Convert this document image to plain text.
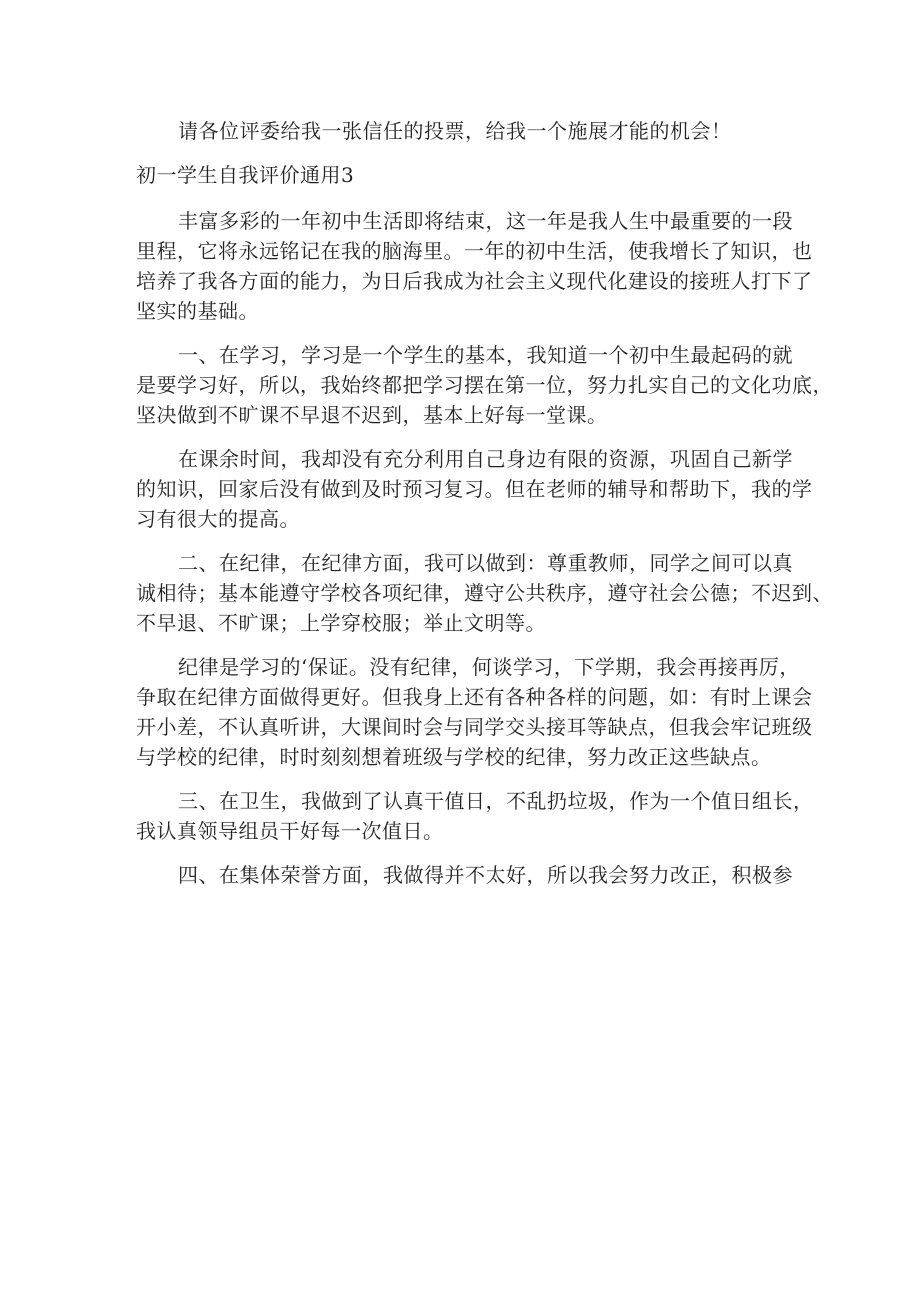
请各位评委给我一张信任的投票，给我一个施展才能的机会！

初一学生自我评价通用3

丰富多彩的一年初中生活即将结束，这一年是我人生中最重要的一段
里程，它将永远铭记在我的脑海里。一年的初中生活，使我增长了知识，也
培养了我各方面的能力，为日后我成为社会主义现代化建设的接班人打下了
坚实的基础。

一、在学习，学习是一个学生的基本，我知道一个初中生最起码的就
是要学习好，所以，我始终都把学习摆在第一位，努力扎实自己的文化功底，
坚决做到不旷课不早退不迟到，基本上好每一堂课。

在课余时间，我却没有充分利用自己身边有限的资源，巩固自己新学
的知识，回家后没有做到及时预习复习。但在老师的辅导和帮助下，我的学
习有很大的提高。

二、在纪律，在纪律方面，我可以做到：尊重教师，同学之间可以真
诚相待；基本能遵守学校各项纪律，遵守公共秩序，遵守社会公德；不迟到、
不早退、不旷课；上学穿校服；举止文明等。

纪律是学习的‘保证。没有纪律，何谈学习，下学期，我会再接再厉，
争取在纪律方面做得更好。但我身上还有各种各样的问题，如：有时上课会
开小差，不认真听讲，大课间时会与同学交头接耳等缺点，但我会牢记班级
与学校的纪律，时时刻刻想着班级与学校的纪律，努力改正这些缺点。

三、在卫生，我做到了认真干值日，不乱扔垃圾，作为一个值日组长，
我认真领导组员干好每一次值日。

四、在集体荣誉方面，我做得并不太好，所以我会努力改正，积极参
